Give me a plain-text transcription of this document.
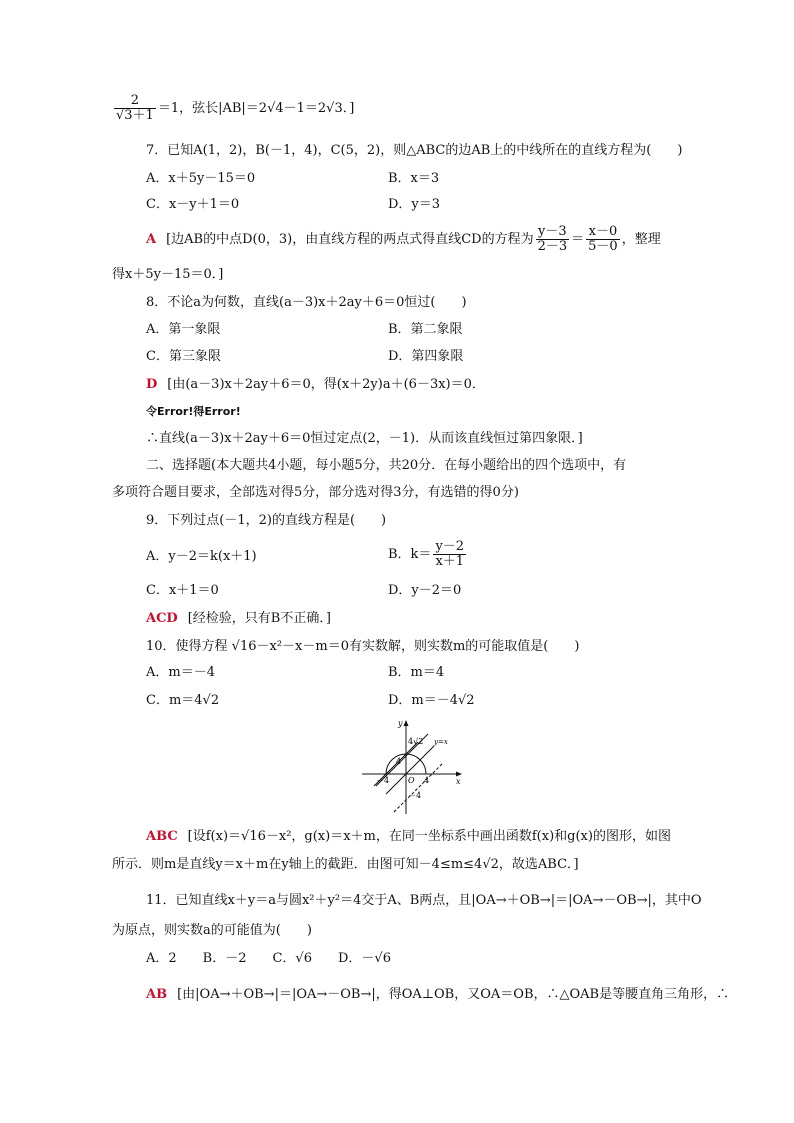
$\frac{2}{√3+1} =1$，弦长|AB|＝2√4－1＝2√3．]
7．已知A(1，2)，B(－1，4)，C(5，2)，则△ABC的边AB上的中线所在的直线方程为(　　)
A．x＋5y－15＝0	B．x＝3
C．x－y＋1＝0	D．y＝3
A [边AB的中点D(0，3)，由直线方程的两点式得直线CD的方程为 $\frac{y-3}{2-3} = \frac{x-0}{5-0}$ ，整理
得x＋5y－15＝0．]
8．不论a为何数，直线(a－3)x＋2ay＋6＝0恒过(　　)
A．第一象限	B．第二象限
C．第三象限	D．第四象限
D [由(a－3)x＋2ay＋6＝0，得(x＋2y)a＋(6－3x)＝0．
令Error!得Error!
∴直线(a－3)x＋2ay＋6＝0恒过定点(2，－1)．从而该直线恒过第四象限．]
二、选择题(本大题共4小题，每小题5分，共20分．在每小题给出的四个选项中，有
多项符合题目要求，全部选对得5分，部分选对得3分，有选错的得0分)
9．下列过点(－1，2)的直线方程是(　　)
A．y－2＝k(x＋1)	B．$k= \frac{y-2}{x+1}$
C．x＋1＝0	D．y－2＝0
ACD [经检验，只有B不正确．]
10．使得方程 √16－x²－x－m＝0有实数解，则实数m的可能取值是(　　)
A．m＝－4	B．m＝4
C．m＝4√2	D．m＝－4√2
y
x
O
4
－4	4
－4
4√2 y=x
ABC [设f(x)＝√16－x²，g(x)＝x＋m，在同一坐标系中画出函数f(x)和g(x)的图形，如图
所示．则m是直线y＝x＋m在y轴上的截距．由图可知－4≤m≤4√2，故选ABC．]
11．已知直线x＋y＝a与圆x²＋y²＝4交于A、B两点，且|OA→＋OB→|＝|OA→－OB→|，其中O
为原点，则实数a的可能值为(　　)
A．2　　B．－2　　C．√6　　D．－√6
AB [由|OA→＋OB→|＝|OA→－OB→|，得OA⊥OB，又OA＝OB，∴△OAB是等腰直角三角形，∴
